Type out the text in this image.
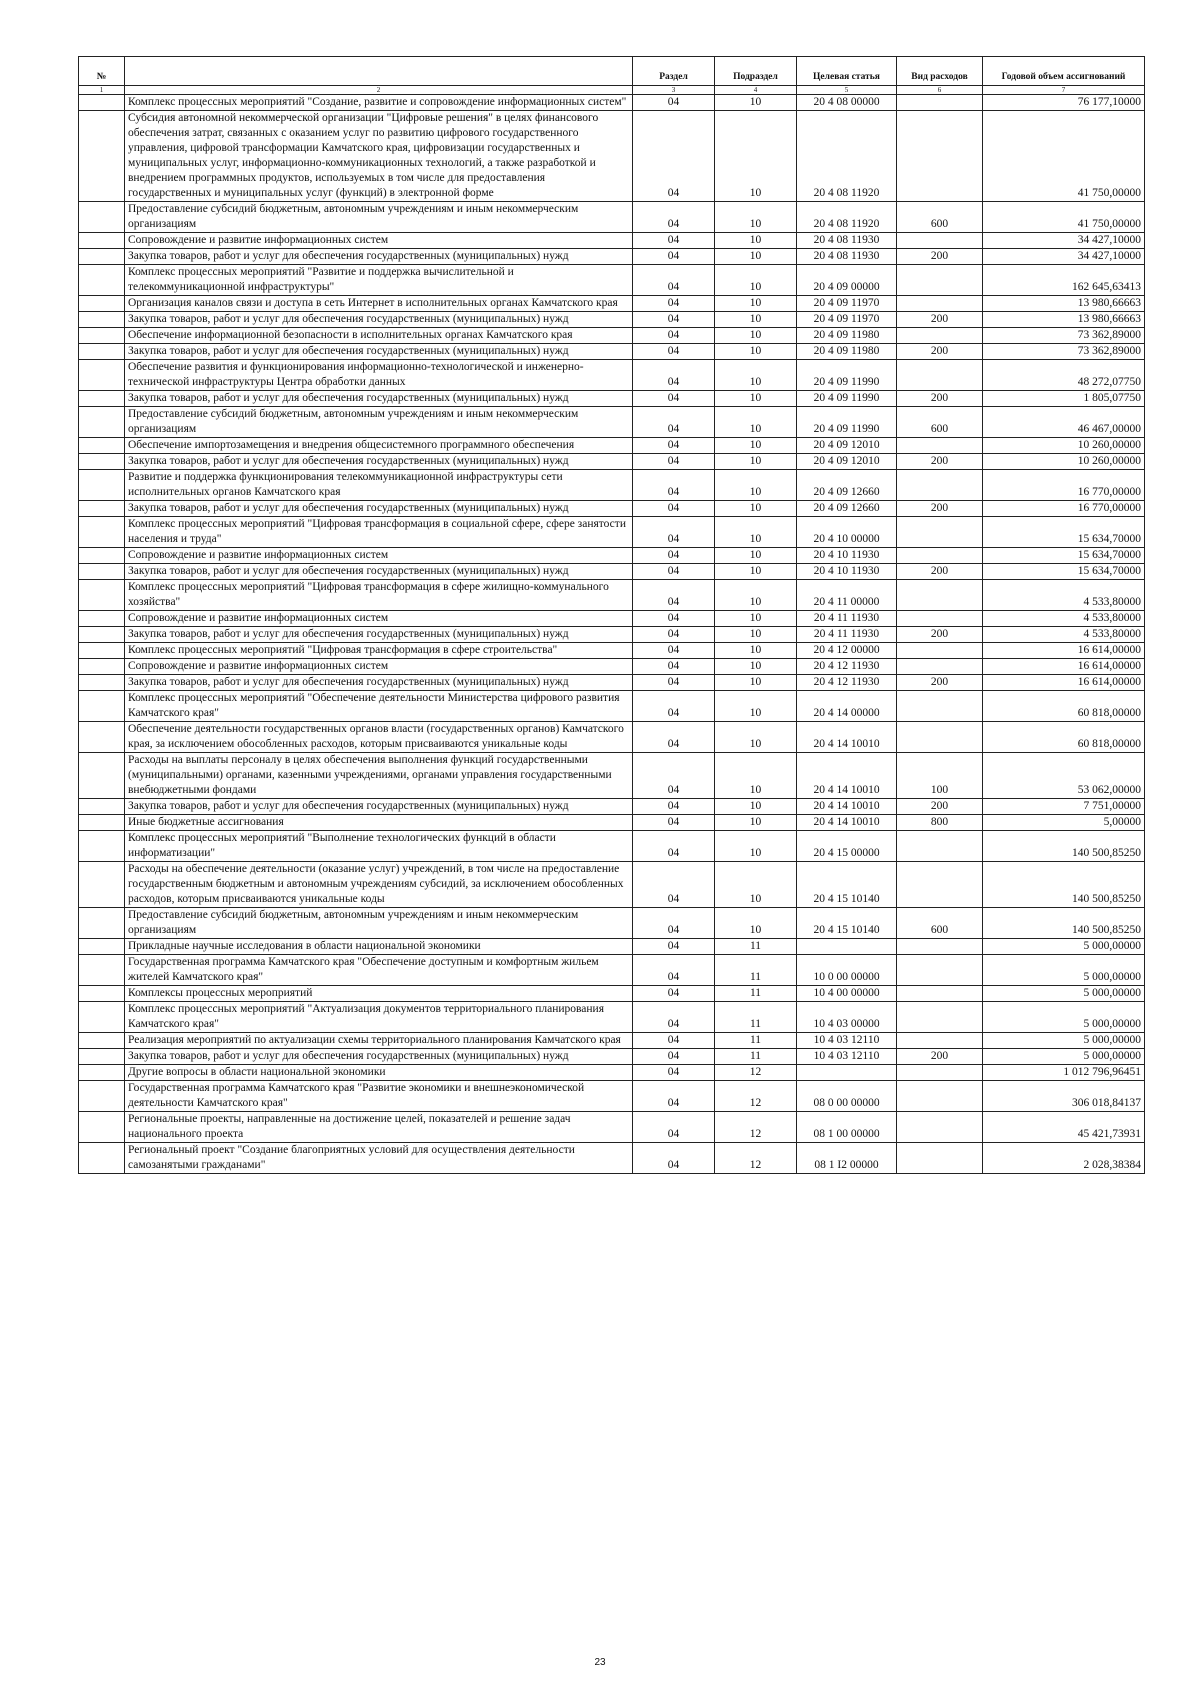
№		Раздел	Подраздел	Целевая статья	Вид расходов	Годовой объем ассигнований
1	2	3	4	5	6	7
	Комплекс процессных мероприятий "Создание, развитие и сопровождение информационных систем"	04	10	20 4 08 00000		76 177,10000
	Субсидия автономной некоммерческой организации "Цифровые решения" в целях финансового обеспечения затрат, связанных с оказанием услуг по развитию цифрового государственного управления, цифровой трансформации Камчатского края, цифровизации государственных и муниципальных услуг, информационно-коммуникационных технологий, а также разработкой и внедрением программных продуктов, используемых в том числе для предоставления государственных и муниципальных услуг (функций) в электронной форме	04	10	20 4 08 11920		41 750,00000
	Предоставление субсидий бюджетным, автономным учреждениям и иным некоммерческим организациям	04	10	20 4 08 11920	600	41 750,00000
	Сопровождение и развитие информационных систем	04	10	20 4 08 11930		34 427,10000
	Закупка товаров, работ и услуг для обеспечения государственных (муниципальных) нужд	04	10	20 4 08 11930	200	34 427,10000
	Комплекс процессных мероприятий "Развитие и поддержка вычислительной и телекоммуникационной инфраструктуры"	04	10	20 4 09 00000		162 645,63413
	Организация каналов связи и доступа в сеть Интернет в исполнительных органах Камчатского края	04	10	20 4 09 11970		13 980,66663
	Закупка товаров, работ и услуг для обеспечения государственных (муниципальных) нужд	04	10	20 4 09 11970	200	13 980,66663
	Обеспечение информационной безопасности в исполнительных органах Камчатского края	04	10	20 4 09 11980		73 362,89000
	Закупка товаров, работ и услуг для обеспечения государственных (муниципальных) нужд	04	10	20 4 09 11980	200	73 362,89000
	Обеспечение развития и функционирования информационно-технологической и инженерно-технической инфраструктуры Центра обработки данных	04	10	20 4 09 11990		48 272,07750
	Закупка товаров, работ и услуг для обеспечения государственных (муниципальных) нужд	04	10	20 4 09 11990	200	1 805,07750
	Предоставление субсидий бюджетным, автономным учреждениям и иным некоммерческим организациям	04	10	20 4 09 11990	600	46 467,00000
	Обеспечение импортозамещения и внедрения общесистемного программного обеспечения	04	10	20 4 09 12010		10 260,00000
	Закупка товаров, работ и услуг для обеспечения государственных (муниципальных) нужд	04	10	20 4 09 12010	200	10 260,00000
	Развитие и поддержка функционирования телекоммуникационной инфраструктуры сети исполнительных органов Камчатского края	04	10	20 4 09 12660		16 770,00000
	Закупка товаров, работ и услуг для обеспечения государственных (муниципальных) нужд	04	10	20 4 09 12660	200	16 770,00000
	Комплекс процессных мероприятий "Цифровая трансформация в социальной сфере, сфере занятости населения и труда"	04	10	20 4 10 00000		15 634,70000
	Сопровождение и развитие информационных систем	04	10	20 4 10 11930		15 634,70000
	Закупка товаров, работ и услуг для обеспечения государственных (муниципальных) нужд	04	10	20 4 10 11930	200	15 634,70000
	Комплекс процессных мероприятий "Цифровая трансформация в сфере жилищно-коммунального хозяйства"	04	10	20 4 11 00000		4 533,80000
	Сопровождение и развитие информационных систем	04	10	20 4 11 11930		4 533,80000
	Закупка товаров, работ и услуг для обеспечения государственных (муниципальных) нужд	04	10	20 4 11 11930	200	4 533,80000
	Комплекс процессных мероприятий "Цифровая трансформация в сфере строительства"	04	10	20 4 12 00000		16 614,00000
	Сопровождение и развитие информационных систем	04	10	20 4 12 11930		16 614,00000
	Закупка товаров, работ и услуг для обеспечения государственных (муниципальных) нужд	04	10	20 4 12 11930	200	16 614,00000
	Комплекс процессных мероприятий "Обеспечение деятельности Министерства цифрового развития Камчатского края"	04	10	20 4 14 00000		60 818,00000
	Обеспечение деятельности государственных органов власти (государственных органов) Камчатского края, за исключением обособленных расходов, которым присваиваются уникальные коды	04	10	20 4 14 10010		60 818,00000
	Расходы на выплаты персоналу в целях обеспечения выполнения функций государственными (муниципальными) органами, казенными учреждениями, органами управления государственными внебюджетными фондами	04	10	20 4 14 10010	100	53 062,00000
	Закупка товаров, работ и услуг для обеспечения государственных (муниципальных) нужд	04	10	20 4 14 10010	200	7 751,00000
	Иные бюджетные ассигнования	04	10	20 4 14 10010	800	5,00000
	Комплекс процессных мероприятий "Выполнение технологических функций в области информатизации"	04	10	20 4 15 00000		140 500,85250
	Расходы на обеспечение деятельности (оказание услуг) учреждений, в том числе на предоставление государственным бюджетным и автономным учреждениям субсидий, за исключением обособленных расходов, которым присваиваются уникальные коды	04	10	20 4 15 10140		140 500,85250
	Предоставление субсидий бюджетным, автономным учреждениям и иным некоммерческим организациям	04	10	20 4 15 10140	600	140 500,85250
	Прикладные научные исследования в области национальной экономики	04	11			5 000,00000
	Государственная программа Камчатского края "Обеспечение доступным и комфортным жильем жителей Камчатского края"	04	11	10 0 00 00000		5 000,00000
	Комплексы процессных мероприятий	04	11	10 4 00 00000		5 000,00000
	Комплекс процессных мероприятий "Актуализация документов территориального планирования Камчатского края"	04	11	10 4 03 00000		5 000,00000
	Реализация мероприятий по актуализации схемы территориального планирования Камчатского края	04	11	10 4 03 12110		5 000,00000
	Закупка товаров, работ и услуг для обеспечения государственных (муниципальных) нужд	04	11	10 4 03 12110	200	5 000,00000
	Другие вопросы в области национальной экономики	04	12			1 012 796,96451
	Государственная программа Камчатского края "Развитие экономики и внешнеэкономической деятельности Камчатского края"	04	12	08 0 00 00000		306 018,84137
	Региональные проекты, направленные на достижение целей, показателей и решение задач национального проекта	04	12	08 1 00 00000		45 421,73931
	Региональный проект "Создание благоприятных условий для осуществления деятельности самозанятыми гражданами"	04	12	08 1 I2 00000		2 028,38384
23
